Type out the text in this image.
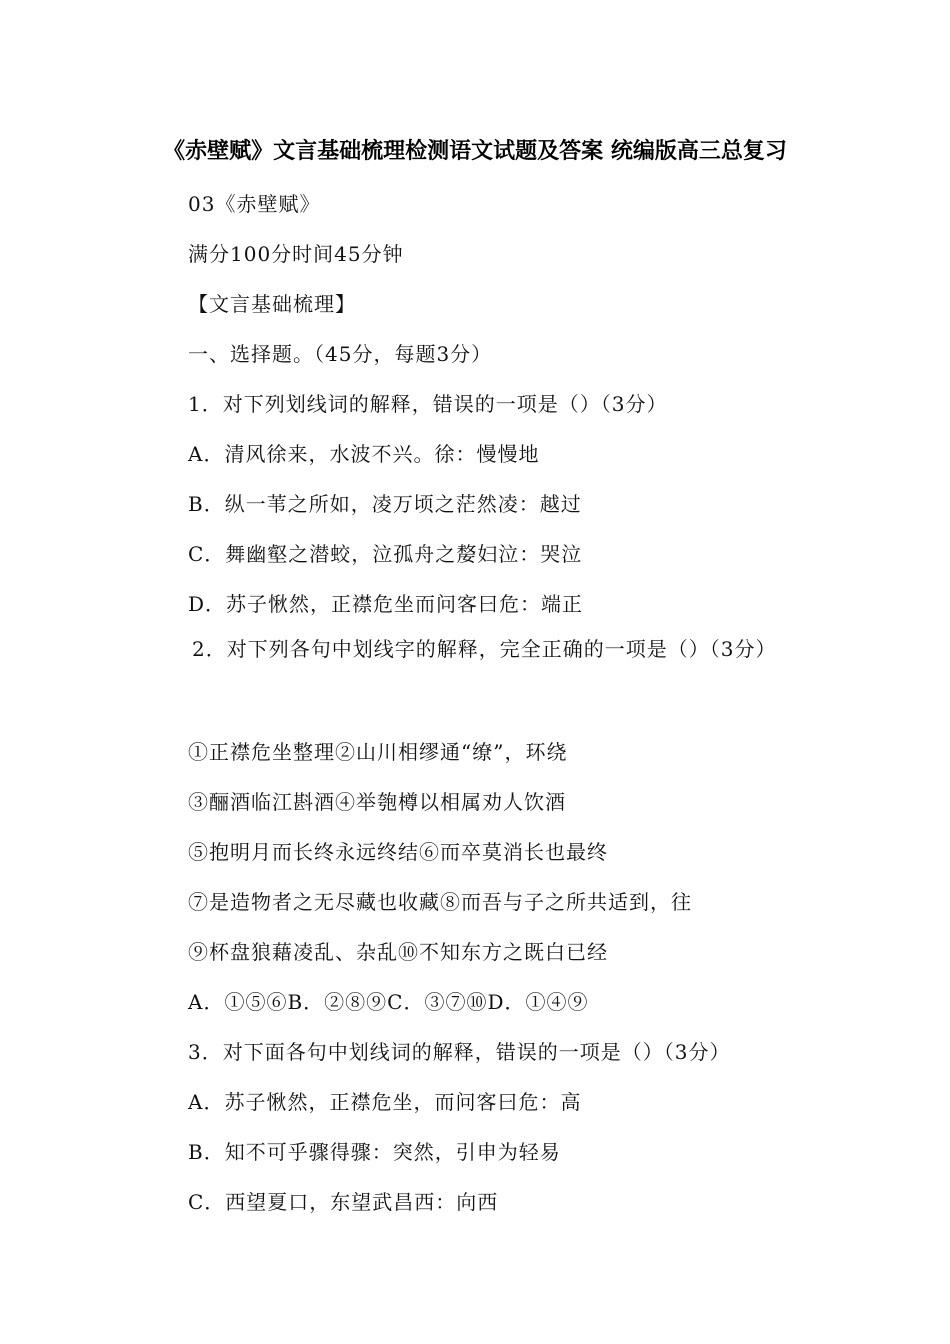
《赤壁赋》文言基础梳理检测语文试题及答案 统编版高三总复习
03《赤壁赋》
满分100分时间45分钟
【文言基础梳理】
一、选择题。（45分，每题3分）
1．对下列划线词的解释，错误的一项是（）（3分）
A．清风徐来，水波不兴。徐：慢慢地
B．纵一苇之所如，凌万顷之茫然凌：越过
C．舞幽壑之潜蛟，泣孤舟之嫠妇泣：哭泣
D．苏子愀然，正襟危坐而问客曰危：端正
2．对下列各句中划线字的解释，完全正确的一项是（）（3分）
①正襟危坐整理②山川相缪通“缭”，环绕
③酾酒临江斟酒④举匏樽以相属劝人饮酒
⑤抱明月而长终永远终结⑥而卒莫消长也最终
⑦是造物者之无尽藏也收藏⑧而吾与子之所共适到，往
⑨杯盘狼藉凌乱、杂乱⑩不知东方之既白已经
A．①⑤⑥B．②⑧⑨C．③⑦⑩D．①④⑨
3．对下面各句中划线词的解释，错误的一项是（）（3分）
A．苏子愀然，正襟危坐，而问客曰危：高
B．知不可乎骤得骤：突然，引申为轻易
C．西望夏口，东望武昌西：向西
